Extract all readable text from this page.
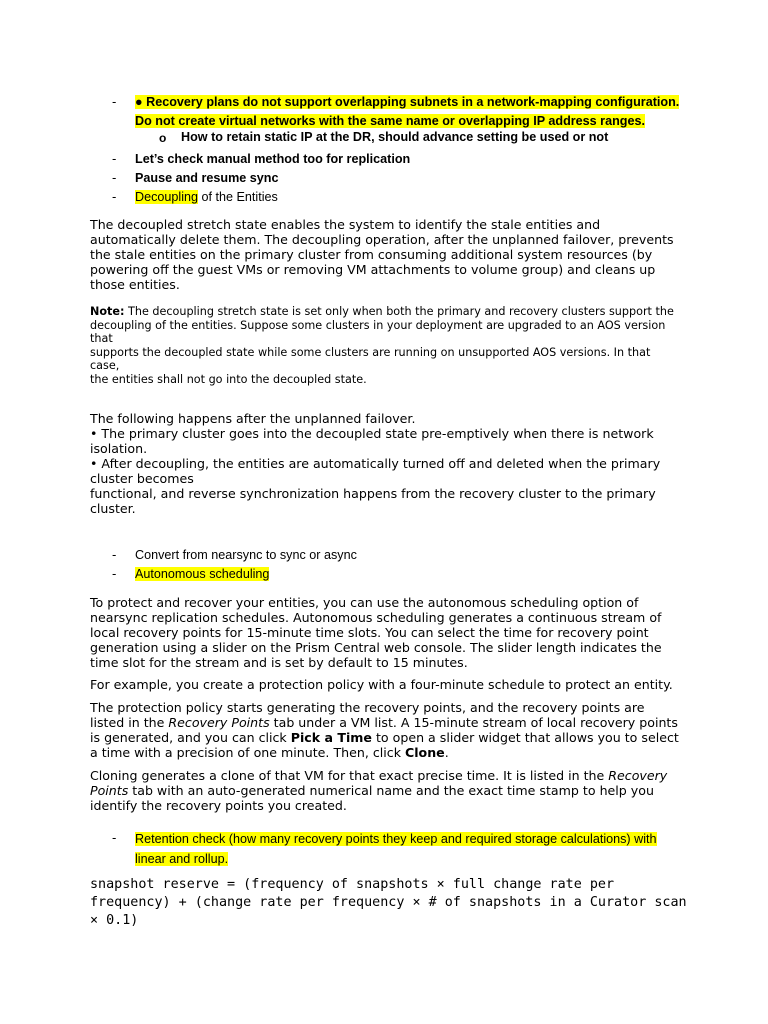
- ● Recovery plans do not support overlapping subnets in a network-mapping configuration. Do not create virtual networks with the same name or overlapping IP address ranges.
o How to retain static IP at the DR, should advance setting be used or not
- Let’s check manual method too for replication
- Pause and resume sync
- Decoupling of the Entities
The decoupled stretch state enables the system to identify the stale entities and automatically delete them. The decoupling operation, after the unplanned failover, prevents the stale entities on the primary cluster from consuming additional system resources (by powering off the guest VMs or removing VM attachments to volume group) and cleans up those entities.
Note: The decoupling stretch state is set only when both the primary and recovery clusters support the
decoupling of the entities. Suppose some clusters in your deployment are upgraded to an AOS version that
supports the decoupled state while some clusters are running on unsupported AOS versions. In that case,
the entities shall not go into the decoupled state.
The following happens after the unplanned failover.
• The primary cluster goes into the decoupled state pre-emptively when there is network isolation.
• After decoupling, the entities are automatically turned off and deleted when the primary cluster becomes
functional, and reverse synchronization happens from the recovery cluster to the primary cluster.
- Convert from nearsync to sync or async
- Autonomous scheduling
To protect and recover your entities, you can use the autonomous scheduling option of nearsync replication schedules. Autonomous scheduling generates a continuous stream of local recovery points for 15-minute time slots. You can select the time for recovery point generation using a slider on the Prism Central web console. The slider length indicates the time slot for the stream and is set by default to 15 minutes.
For example, you create a protection policy with a four-minute schedule to protect an entity.
The protection policy starts generating the recovery points, and the recovery points are listed in the Recovery Points tab under a VM list. A 15-minute stream of local recovery points is generated, and you can click Pick a Time to open a slider widget that allows you to select a time with a precision of one minute. Then, click Clone.
Cloning generates a clone of that VM for that exact precise time. It is listed in the Recovery Points tab with an auto-generated numerical name and the exact time stamp to help you identify the recovery points you created.
- Retention check (how many recovery points they keep and required storage calculations) with linear and rollup.
snapshot reserve = (frequency of snapshots × full change rate per frequency) + (change rate per frequency × # of snapshots in a Curator scan × 0.1)
